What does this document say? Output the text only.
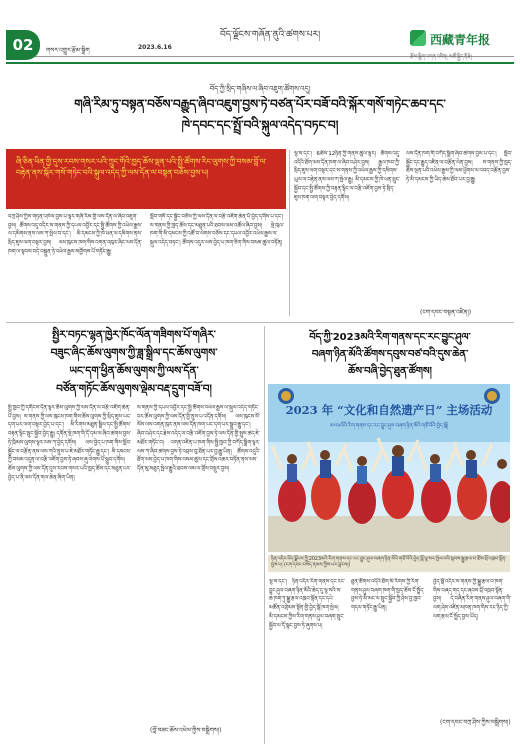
02	གསར་འགྱུར་རྩོམ་སྒྲིག	2023.6.16
བོད་ལྗོངས་གཞོན་ནུའི་ཚགས་པར།	西藏青年报
རྩོམ་སྒྲིག་འགན་འཛིན། མཚོ་སྐྱིད་རྡོ་རྗེ།
བོད་ཀྱི་སྲིད་གཞིས་ལ་ཞིབ་འཇུག་ཚོགས་འདུ།
གཞི་རིམ་ཏུ་བསྟན་བཅོས་བརྒྱུད་ཞིབ་འཇུག་བྱས་ཏེ་བཙན་པོར་བཟོ་བའི་སྐོར་གསོ་གཏེང་ཆབ་དང་
ཁེ་དབང་དང་སྤྲོ་བའི་སྐུལ་འདེད་བཏང་བ།
ཞི་ཅིན་ཕིན་གྱི་དུས་རབས་གསར་པའི་ཀྲུང་གོའི་ཁྱད་ཆོས་ལྡན་པའི་སྤྱི་ཚོགས་རིང་ལུགས་ཀྱི་བསམ་བློ་ལ་བརྟེན་ནས་སྐོར་གསོ་གཏེང་བའི་སྐུལ་འདེད་ཀྱི་ལས་དོན་ལ་བསྟན་བཅོས་བྱས་པ།
བཀྲ་ཤིས་ཀྱིས་གཏན་འཁེལ་བྱས་པ་ལྟར་གཞི་རིམ་གྱི་ལས་དོན་ལ་ཞིབ་འཇུག་བྱས། ཚོགས་འདུ་འདིར་ས་གནས་ཀྱི་དཔལ་འབྱོར་དང་སྤྱི་ཚོགས་ཀྱི་འཕེལ་རྒྱས་ལ་དམིགས་ནས་ལས་ཀ་སྤེལ་བ་དང་། མི་དམངས་ཀྱི་ཁེ་ཕན་ལ་དམིགས་ནས་སྲིད་ཇུས་ལག་བསྟར་བྱས། ལས་ཁུངས་ཁག་གིས་འགན་འཁུར་ཞིང་ལས་དོན་ཁག་ལ་སྟབས་བདེ་བསྐྲུན་ཏེ་འཕེལ་རྒྱས་མགྱོགས་པོ་གཏོང་རྒྱུ།
སློབ་གསོ་དང་སྐྱོང་བཅོས་ཀྱི་ལས་དོན་ལ་བརྩི་འཇོག་ཆེན་པོ་བྱེད་དགོས་པ་དང་། ས་གནས་ཀྱི་ཁྱད་ཆོས་དང་མཐུན་པའི་ཐབས་ལམ་འཚོལ་ཞིབ་བྱས། སྡེ་ཁུལ་ཁག་གི་མི་དམངས་ཀྱི་འཚོ་བ་ལེགས་བཅོས་དང་དཔལ་འབྱོར་འཕེལ་རྒྱས་ལ་སྐུལ་འདེད་བཏང་། ཚོགས་འདུར་ལས་བྱེད་པ་ཁག་ཅིག་གིས་བསམ་ཚུལ་བཏོན།
ལྷ་ས་དང་། 6ཚེས་12ཉིན་ཀྱི་གནས་ཚུལ་ལྟར། ཚོགས་འདུ་འདིའི་ཐོག་ལས་དོན་ཁག་ལ་ཞིབ་བཤེར་བྱས། རྒྱལ་ཁབ་ཀྱི་སྲིད་ཇུས་ལག་བསྟར་དང་ས་གནས་ཀྱི་འཕེལ་རྒྱས་ཀྱི་དམིགས་ཡུལ་ལ་བརྟེན་ནས་ལས་ཀ་སྤེལ་རྒྱུ། མི་དམངས་ཀྱི་ཁེ་ཕན་སྲུང་སྐྱོབ་དང་སྤྱི་ཚོགས་ཀྱི་བརྟན་ལྷིང་ལ་བརྩི་འཇོག་བྱས་ཏེ་སྲིད་ཇུས་ཁག་ལག་བསྟར་བྱེད་དགོས།
ལས་དོན་ཁག་གི་བཀོད་སྒྲིག་ཞིབ་ཚགས་བྱས་པ་དང་། སློབ་སྦྱོང་དང་རྒྱུད་འཛིན་ལ་བརྩོན་ལེན་བྱས། ས་གནས་ཀྱི་ཁྱད་ཆོས་ལྡན་པའི་འཕེལ་རྒྱས་ཀྱི་ལམ་ཕྱོགས་ལ་འབད་བརྩོན་བྱས་ཏེ་མི་དམངས་ཀྱི་ཡིད་ཆེས་ཐོབ་པར་བྱ་རྒྱུ།
(ངག་དབང་བསྟན་འཛིན།)
སྤྱིར་བཏང་ལྷན་ཁྱེར་ཁོང་ལོན་གཟིགས་པོ་གཞིར་
བཟུང་ཞིང་ཆོས་ལུགས་ཀྱི་ཟླ་སྒྲིལ་དང་ཆོས་ལུགས་
ཡང་དག་ཕྱིན་ཆོས་ལུགས་ཀྱི་ལས་དོན་
བཙོན་གཏོང་ཆོས་ལུགས་ལྡེམ་བརྡ་དྲུག་བཟོ་བ།
སྤྱི་ཁྱབ་ཀྱི་དགོངས་དོན་ལྟར་ཆོས་ལུགས་ཀྱི་ལས་དོན་ལ་བརྩི་འཇོག་ཆེན་པོ་བྱས། ས་གནས་ཀྱི་ལས་ཁུངས་ཁག་གིས་ཆོས་ལུགས་ཀྱི་སྲིད་ཇུས་ཡང་དག་པར་ལག་བསྟར་བྱེད་པ་དང་། མི་རིགས་མཐུན་སྒྲིལ་དང་སྤྱི་ཚོགས་བརྟན་ལྷིང་སྲུང་སྐྱོབ་བྱེད་རྒྱུ། དགོན་སྡེ་ཁག་གི་དོ་དམ་ལ་ཞིབ་ཚགས་བྱས་ཏེ་ཁྲིམས་ལུགས་ལྟར་ལས་ཀ་བྱེད་དགོས། ལས་བྱེད་པ་ཁག་གིས་སློབ་སྦྱོང་ལ་བརྩོན་ནས་ལས་ཀའི་ནུས་པ་ཇེ་མཐོར་གཏོང་རྒྱུ་དང་། མི་དམངས་ཀྱི་བསམ་འདུན་ལ་བརྩི་འཇོག་བྱས་ཏེ་ཞབས་ཞུ་ལེགས་པོ་སྒྲུབ་དགོས། ཆོས་ལུགས་ཀྱི་ལས་དོན་དུས་རབས་གསར་པའི་ཁྱད་ཆོས་དང་མཐུན་པར་བྱེད་པ་ནི་ལས་དོན་གལ་ཆེན་ཞིག་ཡིན།
ས་གནས་ཀྱི་དཔལ་འབྱོར་དང་སྤྱི་ཚོགས་འཕེལ་རྒྱས་ལ་སྐུལ་འདེད་གཏོང་བར་ཆོས་ལུགས་ཀྱི་ལས་དོན་གྱི་ནུས་པ་འདོན་དགོས། ལས་ཁུངས་སོ་སོས་ལས་འགན་ཁུར་ནས་ལས་དོན་ཁག་ཡང་དག་པར་སྒྲུབ་རྒྱུ་དང་། ཞིབ་བཤེར་དང་རྗེས་འདེད་ལ་བརྩི་འཇོག་བྱས་ཏེ་ལས་དོན་གྱི་སྤུས་ཚད་ཇེ་མཐོར་གཏོང་བ། འགན་འཛིན་པ་ཁག་གིས་སྤྱི་ཁྱབ་ཀྱི་བཀོད་སྒྲིག་ལྟར་ལས་ཀ་ཞིབ་ཚགས་བྱས་ཏེ་འབྲས་བུ་ཐོན་པར་བྱ་རྒྱུ་ཡིན། ཚོགས་འདུའི་ཐོག་ལས་བྱེད་པ་ཁག་གིས་བསམ་ཚུལ་དང་གྲོས་འཆར་བཏོན་ནས་ལས་དོན་མུ་མཐུད་སྤེལ་རྒྱུའི་ཐབས་ལམ་ལ་གྲོས་བསྡུར་བྱས།
(བློ་བཟང་ཆོས་འཕེལ་གྱིས་བསྒྲིགས།)
བོད་ཀྱི་2023མའི་རིག་གནས་དང་རང་བྱུང་ཤུལ་
བཞག་ཉིན་མོའི་ཚོགས་དབུས་བཙ་བའི་དུས་ཆེན་
ཆོས་བཞི་བྱེད་ཐུན་ཚོགས།
2023 年 “文化和自然遗产日” 主场活动
༢༠༢༣ལོའི་རིག་གནས་དང་རང་བྱུང་ཤུལ་བཞག་ཉིན་མོའི་གཙོ་བོའི་བྱེད་སྒོ།
ཉིན་འདིར་བོད་ལྗོངས་ཀྱི་2023མའི་རིག་གནས་དང་རང་བྱུང་ཤུལ་བཞག་ཉིན་མོའི་གཙོ་བོའི་བྱེད་སྒོ་ལྷ་སར་སྤེལ་བའི་སྐབས་སྒྱུ་རྩལ་བ་ཚོས་བྲོ་འཁྲབ་སྟོན་བྱས་པ། (ངག་དབང་བསོད་ནམས་ཀྱིས་པར་བླངས།)
ལྷ་ས་དང་། ཉིན་འདིར་རིག་གནས་དང་རང་བྱུང་ཤུལ་བཞག་ཉིན་མོའི་ཆེད་དུ་ལྷ་སའི་ས་ཆ་ཁག་ཏུ་སྒྱུ་རྩལ་འཁྲབ་སྟོན་དང་དཔེ་མཚོན་འགྲེམས་སྟོན་གྱི་བྱེད་སྒོ་ཁག་སྤེལ། མི་དམངས་ཀྱིས་རིག་གནས་ཤུལ་བཞག་སྲུང་སྐྱོབ་ལ་དོ་སྣང་བྱས་ཏེ་ཞུགས་པ།
ཐུན་ཚོགས་འདིའི་ཐོག་མི་རིགས་ཀྱི་རིག་གནས་ཤུལ་བཞག་ཁག་གི་ཁྱད་ཆོས་ངོ་སྤྲོད་བྱས་ཏེ་མི་མང་ལ་སྲུང་སྐྱོབ་ཀྱི་ཤེས་བྱ་ཁྱབ་གདལ་གཏོང་རྒྱུ་ཡིན།
བྱེད་སྒོ་འདིར་ས་གནས་ཀྱི་སྒྱུ་རྩལ་བ་ཁག་གིས་བཞད་གད་དང་ཞབས་བྲོ་འཁྲབ་སྟོན་བྱས། དེ་བཞིན་རིག་གནས་ཤུལ་བཞག་གི་ལག་ཤེས་འཛིན་མཁན་ཁག་གིས་རང་ཉིད་ཀྱི་ལག་རྩལ་ངོ་སྤྲོད་བྱས་ཡོད།
(ངག་དབང་བཀྲ་ཤིས་ཀྱིས་བསྒྲིགས།)
